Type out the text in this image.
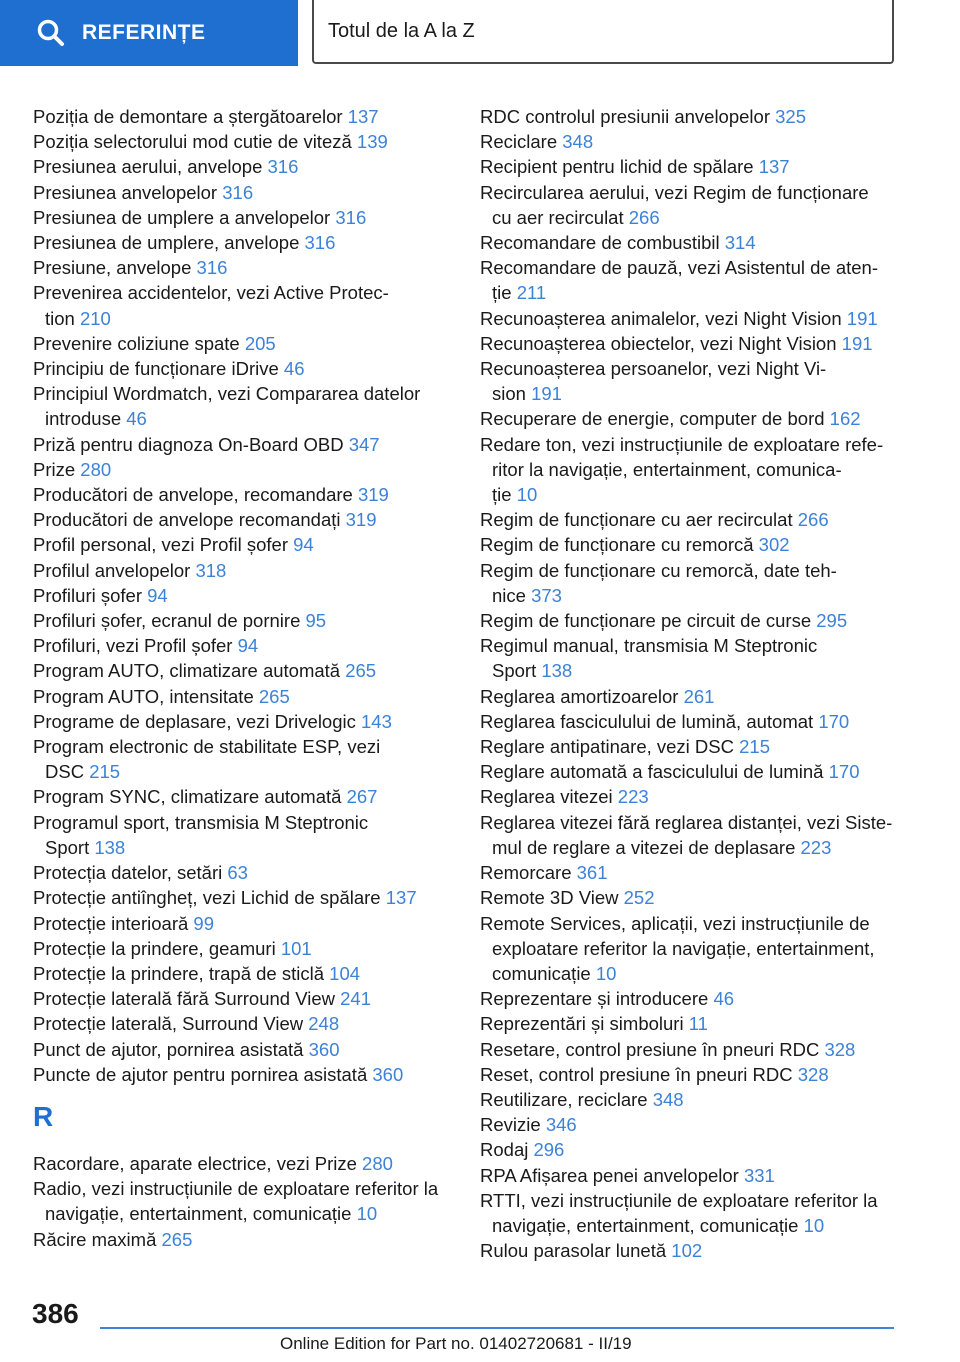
REFERINȚE	Totul de la A la Z
Poziția de demontare a ștergătoarelor 137
Poziția selectorului mod cutie de viteză 139
Presiunea aerului, anvelope 316
Presiunea anvelopelor 316
Presiunea de umplere a anvelopelor 316
Presiunea de umplere, anvelope 316
Presiune, anvelope 316
Prevenirea accidentelor, vezi Active Protec-
tion 210
Prevenire coliziune spate 205
Principiu de funcționare iDrive 46
Principiul Wordmatch, vezi Compararea datelor
introduse 46
Priză pentru diagnoza On-Board OBD 347
Prize 280
Producători de anvelope, recomandare 319
Producători de anvelope recomandați 319
Profil personal, vezi Profil șofer 94
Profilul anvelopelor 318
Profiluri șofer 94
Profiluri șofer, ecranul de pornire 95
Profiluri, vezi Profil șofer 94
Program AUTO, climatizare automată 265
Program AUTO, intensitate 265
Programe de deplasare, vezi Drivelogic 143
Program electronic de stabilitate ESP, vezi
DSC 215
Program SYNC, climatizare automată 267
Programul sport, transmisia M Steptronic
Sport 138
Protecția datelor, setări 63
Protecție antiîngheț, vezi Lichid de spălare 137
Protecție interioară 99
Protecție la prindere, geamuri 101
Protecție la prindere, trapă de sticlă 104
Protecție laterală fără Surround View 241
Protecție laterală, Surround View 248
Punct de ajutor, pornirea asistată 360
Puncte de ajutor pentru pornirea asistată 360
R
Racordare, aparate electrice, vezi Prize 280
Radio, vezi instrucțiunile de exploatare referitor la
navigație, entertainment, comunicație 10
Răcire maximă 265
RDC controlul presiunii anvelopelor 325
Reciclare 348
Recipient pentru lichid de spălare 137
Recircularea aerului, vezi Regim de funcționare
cu aer recirculat 266
Recomandare de combustibil 314
Recomandare de pauză, vezi Asistentul de aten-
ție 211
Recunoașterea animalelor, vezi Night Vision 191
Recunoașterea obiectelor, vezi Night Vision 191
Recunoașterea persoanelor, vezi Night Vi-
sion 191
Recuperare de energie, computer de bord 162
Redare ton, vezi instrucțiunile de exploatare refe-
ritor la navigație, entertainment, comunica-
ție 10
Regim de funcționare cu aer recirculat 266
Regim de funcționare cu remorcă 302
Regim de funcționare cu remorcă, date teh-
nice 373
Regim de funcționare pe circuit de curse 295
Regimul manual, transmisia M Steptronic
Sport 138
Reglarea amortizoarelor 261
Reglarea fasciculului de lumină, automat 170
Reglare antipatinare, vezi DSC 215
Reglare automată a fasciculului de lumină 170
Reglarea vitezei 223
Reglarea vitezei fără reglarea distanței, vezi Siste-
mul de reglare a vitezei de deplasare 223
Remorcare 361
Remote 3D View 252
Remote Services, aplicații, vezi instrucțiunile de
exploatare referitor la navigație, entertainment,
comunicație 10
Reprezentare și introducere 46
Reprezentări și simboluri 11
Resetare, control presiune în pneuri RDC 328
Reset, control presiune în pneuri RDC 328
Reutilizare, reciclare 348
Revizie 346
Rodaj 296
RPA Afișarea penei anvelopelor 331
RTTI, vezi instrucțiunile de exploatare referitor la
navigație, entertainment, comunicație 10
Rulou parasolar lunetă 102
386
Online Edition for Part no. 01402720681 - II/19
